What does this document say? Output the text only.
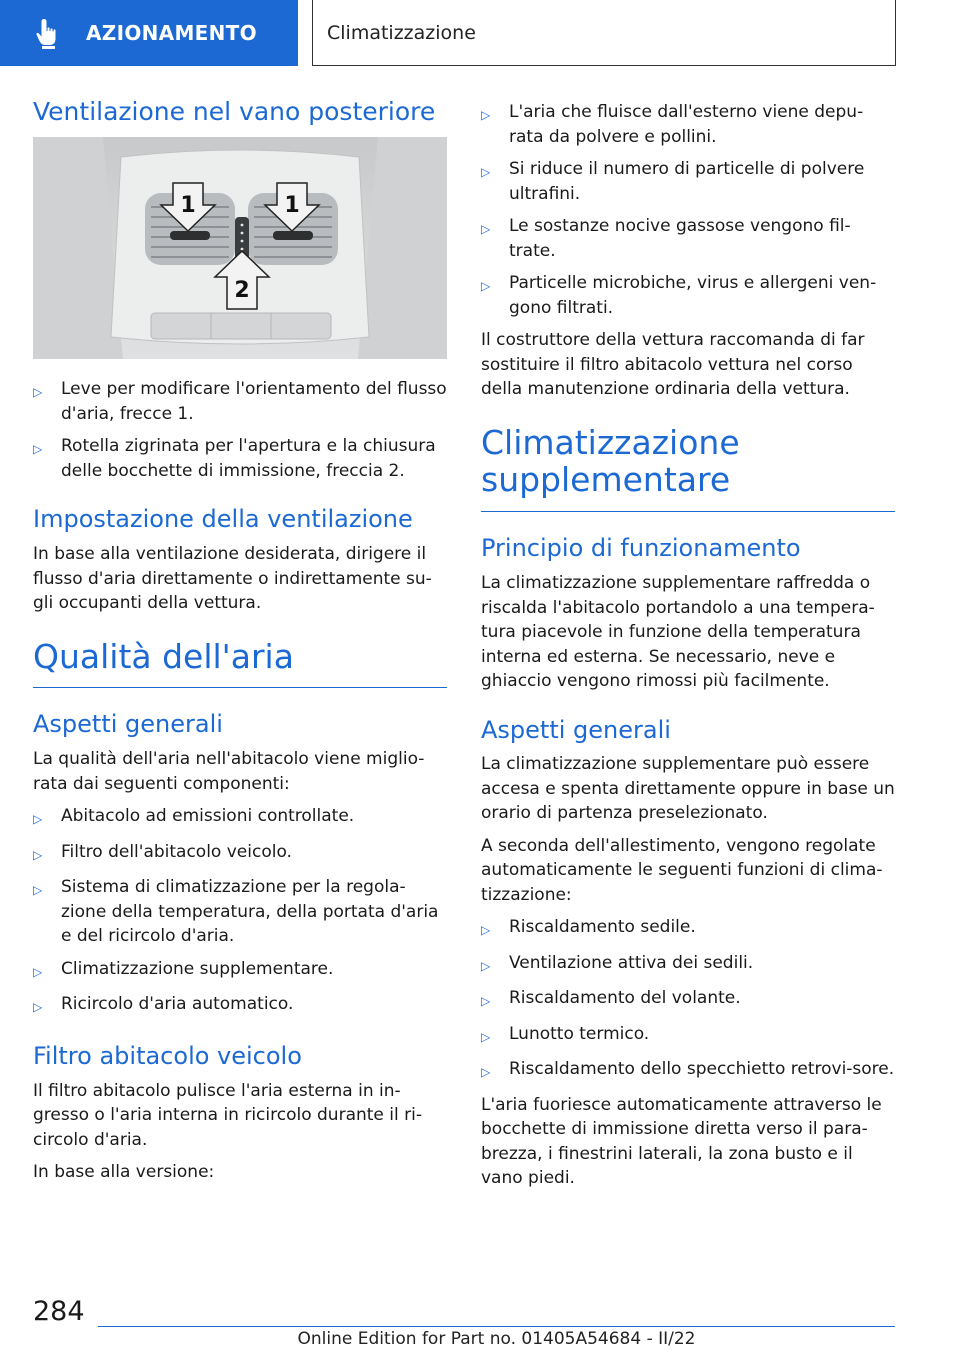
AZIONAMENTO	Climatizzazione
Ventilazione nel vano posteriore
1	1
2
▷	Leve per modificare l'orientamento del flusso d'aria, frecce 1.
▷	Rotella zigrinata per l'apertura e la chiusura delle bocchette di immissione, freccia 2.
Impostazione della ventilazione

In base alla ventilazione desiderata, dirigere il flusso d'aria direttamente o indirettamente su-gli occupanti della vettura.

Qualità dell'aria
Aspetti generali

La qualità dell'aria nell'abitacolo viene miglio-rata dai seguenti componenti:

▷	Abitacolo ad emissioni controllate.
▷	Filtro dell'abitacolo veicolo.
▷	Sistema di climatizzazione per la regola-zione della temperatura, della portata d'aria e del ricircolo d'aria.
▷	Climatizzazione supplementare.
▷	Ricircolo d'aria automatico.
Filtro abitacolo veicolo

Il filtro abitacolo pulisce l'aria esterna in in-gresso o l'aria interna in ricircolo durante il ri-circolo d'aria.

In base alla versione:

▷	L'aria che fluisce dall'esterno viene depu-rata da polvere e pollini.
▷	Si riduce il numero di particelle di polvere ultrafini.
▷	Le sostanze nocive gassose vengono fil-trate.
▷	Particelle microbiche, virus e allergeni ven-gono filtrati.

Il costruttore della vettura raccomanda di far sostituire il filtro abitacolo vettura nel corso della manutenzione ordinaria della vettura.

Climatizzazione supplementare
Principio di funzionamento

La climatizzazione supplementare raffredda o riscalda l'abitacolo portandolo a una tempera-tura piacevole in funzione della temperatura interna ed esterna. Se necessario, neve e ghiaccio vengono rimossi più facilmente.

Aspetti generali

La climatizzazione supplementare può essere accesa e spenta direttamente oppure in base un orario di partenza preselezionato.

A seconda dell'allestimento, vengono regolate automaticamente le seguenti funzioni di clima-tizzazione:

▷	Riscaldamento sedile.
▷	Ventilazione attiva dei sedili.
▷	Riscaldamento del volante.
▷	Lunotto termico.
▷	Riscaldamento dello specchietto retrovi-sore.

L'aria fuoriesce automaticamente attraverso le bocchette di immissione diretta verso il para-brezza, i finestrini laterali, la zona busto e il vano piedi.

284
Online Edition for Part no. 01405A54684 - II/22
